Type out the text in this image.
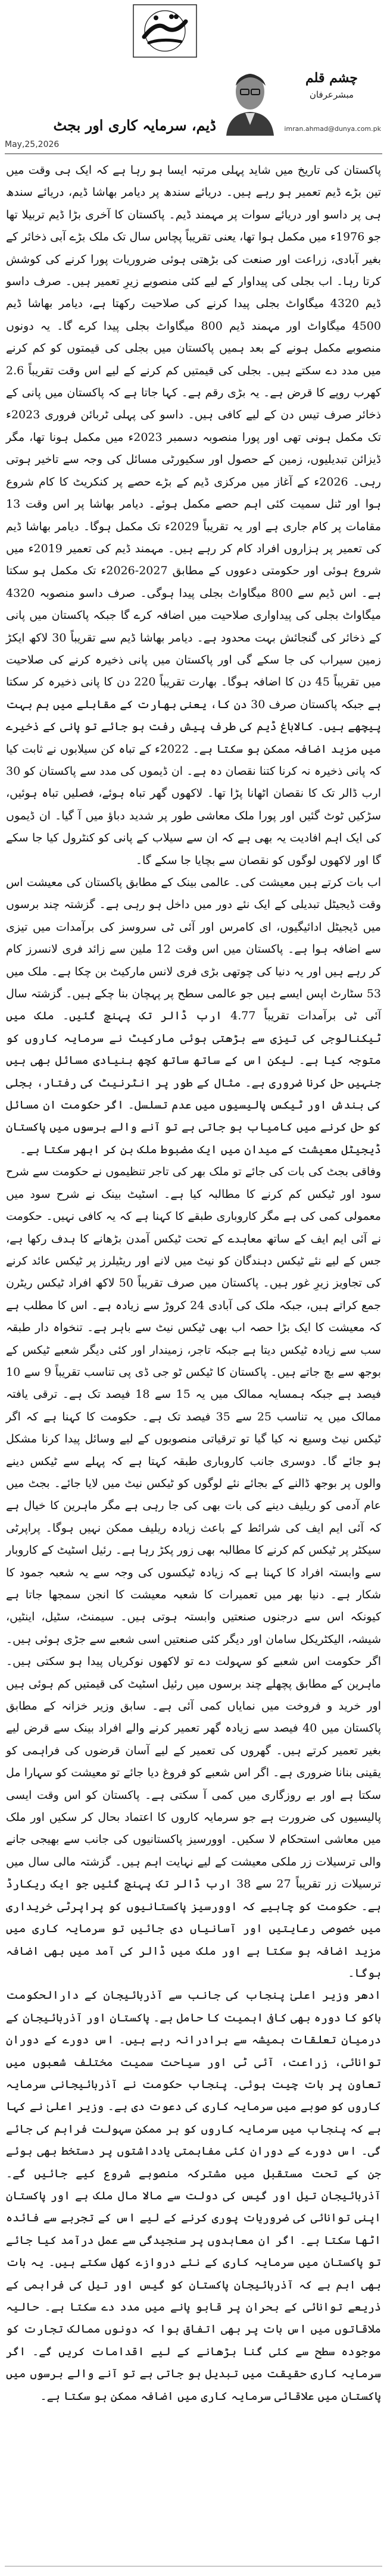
چشم قلم
مبشرعرفان
imran.ahmad@dunya.com.pk
ڈیم، سرمایہ کاری اور بجٹ
May,25,2026

پاکستان کی تاریخ میں شاید پہلی مرتبہ ایسا ہو رہا ہے کہ ایک ہی وقت میں تین بڑے ڈیم تعمیر ہو رہے ہیں۔ دریائے سندھ پر دیامر بھاشا ڈیم، دریائے سندھ ہی پر داسو اور دریائے سوات پر مہمند ڈیم۔ پاکستان کا آخری بڑا ڈیم تربیلا تھا جو 1976ء میں مکمل ہوا تھا، یعنی تقریباً پچاس سال تک ملک بڑے آبی ذخائر کے بغیر آبادی، زراعت اور صنعت کی بڑھتی ہوئی ضروریات پورا کرنے کی کوشش کرتا رہا۔ اب بجلی کی پیداوار کے لیے کئی منصوبے زیرِ تعمیر ہیں۔ صرف داسو ڈیم 4320 میگاواٹ بجلی پیدا کرنے کی صلاحیت رکھتا ہے، دیامر بھاشا ڈیم 4500 میگاواٹ اور مہمند ڈیم 800 میگاواٹ بجلی پیدا کرے گا۔ یہ دونوں منصوبے مکمل ہونے کے بعد ہمیں پاکستان میں بجلی کی قیمتوں کو کم کرنے میں مدد دے سکتے ہیں۔ بجلی کی قیمتیں کم کرنے کے لیے اس وقت تقریباً 2.6 کھرب روپے کا قرض ہے۔ یہ بڑی رقم ہے۔ کہا جاتا ہے کہ پاکستان میں پانی کے ذخائر صرف تیس دن کے لیے کافی ہیں۔ داسو کی پہلی ٹربائن فروری 2023ء تک مکمل ہونی تھی اور پورا منصوبہ دسمبر 2023ء میں مکمل ہونا تھا، مگر ڈیزائن تبدیلیوں، زمین کے حصول اور سکیورٹی مسائل کی وجہ سے تاخیر ہوتی رہی۔ 2026ء کے آغاز میں مرکزی ڈیم کے بڑے حصے پر کنکریٹ کا کام شروع ہوا اور ٹنل سمیت کئی اہم حصے مکمل ہوئے۔ دیامر بھاشا پر اس وقت 13 مقامات پر کام جاری ہے اور یہ تقریباً 2029ء تک مکمل ہوگا۔ دیامر بھاشا ڈیم کی تعمیر پر ہزاروں افراد کام کر رہے ہیں۔ مہمند ڈیم کی تعمیر 2019ء میں شروع ہوئی اور حکومتی دعووں کے مطابق 2027-2026ء تک مکمل ہو سکتا ہے۔ اس ڈیم سے 800 میگاواٹ بجلی پیدا ہوگی۔ صرف داسو منصوبہ 4320 میگاواٹ بجلی کی پیداواری صلاحیت میں اضافہ کرے گا جبکہ پاکستان میں پانی کے ذخائر کی گنجائش بہت محدود ہے۔ دیامر بھاشا ڈیم سے تقریباً 30 لاکھ ایکڑ زمین سیراب کی جا سکے گی اور پاکستان میں پانی ذخیرہ کرنے کی صلاحیت میں تقریباً 45 دن کا اضافہ ہوگا۔ بھارت تقریباً 220 دن کا پانی ذخیرہ کر سکتا ہے جبکہ پاکستان صرف 30 دن کا، یعنی بھارت کے مقابلے میں ہم بہت پیچھے ہیں۔ کالاباغ ڈیم کی طرف پیش رفت ہو جائے تو پانی کے ذخیرے میں مزید اضافہ ممکن ہو سکتا ہے۔ 2022ء کے تباہ کن سیلابوں نے ثابت کیا کہ پانی ذخیرہ نہ کرنا کتنا نقصان دہ ہے۔ ان ڈیموں کی مدد سے پاکستان کو 30 ارب ڈالر تک کا نقصان اٹھانا پڑا تھا۔ لاکھوں گھر تباہ ہوئے، فصلیں تباہ ہوئیں، سڑکیں ٹوٹ گئیں اور پورا ملک معاشی طور پر شدید دباؤ میں آ گیا۔ ان ڈیموں کی ایک اہم افادیت یہ بھی ہے کہ ان سے سیلاب کے پانی کو کنٹرول کیا جا سکے گا اور لاکھوں لوگوں کو نقصان سے بچایا جا سکے گا۔

اب بات کرتے ہیں معیشت کی۔ عالمی بینک کے مطابق پاکستان کی معیشت اس وقت ڈیجیٹل تبدیلی کے ایک نئے دور میں داخل ہو رہی ہے۔ گزشتہ چند برسوں میں ڈیجیٹل ادائیگیوں، ای کامرس اور آئی ٹی سروسز کی برآمدات میں تیزی سے اضافہ ہوا ہے۔ پاکستان میں اس وقت 12 ملین سے زائد فری لانسرز کام کر رہے ہیں اور یہ دنیا کی چوتھی بڑی فری لانس مارکیٹ بن چکا ہے۔ ملک میں 53 سٹارٹ اپس ایسے ہیں جو عالمی سطح پر پہچان بنا چکے ہیں۔ گزشتہ سال آئی ٹی برآمدات تقریباً 4.77 ارب ڈالر تک پہنچ گئیں۔ ملک میں ٹیکنالوجی کی تیزی سے بڑھتی ہوئی مارکیٹ نے سرمایہ کاروں کو متوجہ کیا ہے۔ لیکن اس کے ساتھ ساتھ کچھ بنیادی مسائل بھی ہیں جنہیں حل کرنا ضروری ہے۔ مثال کے طور پر انٹرنیٹ کی رفتار، بجلی کی بندش اور ٹیکس پالیسیوں میں عدم تسلسل۔ اگر حکومت ان مسائل کو حل کرنے میں کامیاب ہو جاتی ہے تو آنے والے برسوں میں پاکستان ڈیجیٹل معیشت کے میدان میں ایک مضبوط ملک بن کر ابھر سکتا ہے۔

وفاقی بجٹ کی بات کی جائے تو ملک بھر کی تاجر تنظیموں نے حکومت سے شرح سود اور ٹیکس کم کرنے کا مطالبہ کیا ہے۔ اسٹیٹ بینک نے شرح سود میں معمولی کمی کی ہے مگر کاروباری طبقے کا کہنا ہے کہ یہ کافی نہیں۔ حکومت نے آئی ایم ایف کے ساتھ معاہدے کے تحت ٹیکس آمدن بڑھانے کا ہدف رکھا ہے، جس کے لیے نئے ٹیکس دہندگان کو نیٹ میں لانے اور ریٹیلرز پر ٹیکس عائد کرنے کی تجاویز زیرِ غور ہیں۔ پاکستان میں صرف تقریباً 50 لاکھ افراد ٹیکس ریٹرن جمع کراتے ہیں، جبکہ ملک کی آبادی 24 کروڑ سے زیادہ ہے۔ اس کا مطلب ہے کہ معیشت کا ایک بڑا حصہ اب بھی ٹیکس نیٹ سے باہر ہے۔ تنخواہ دار طبقہ سب سے زیادہ ٹیکس دیتا ہے جبکہ تاجر، زمیندار اور کئی دیگر شعبے ٹیکس کے بوجھ سے بچ جاتے ہیں۔ پاکستان کا ٹیکس ٹو جی ڈی پی تناسب تقریباً 9 سے 10 فیصد ہے جبکہ ہمسایہ ممالک میں یہ 15 سے 18 فیصد تک ہے۔ ترقی یافتہ ممالک میں یہ تناسب 25 سے 35 فیصد تک ہے۔ حکومت کا کہنا ہے کہ اگر ٹیکس نیٹ وسیع نہ کیا گیا تو ترقیاتی منصوبوں کے لیے وسائل پیدا کرنا مشکل ہو جائے گا۔ دوسری جانب کاروباری طبقہ کہتا ہے کہ پہلے سے ٹیکس دینے والوں پر بوجھ ڈالنے کے بجائے نئے لوگوں کو ٹیکس نیٹ میں لایا جائے۔ بجٹ میں عام آدمی کو ریلیف دینے کی بات بھی کی جا رہی ہے مگر ماہرین کا خیال ہے کہ آئی ایم ایف کی شرائط کے باعث زیادہ ریلیف ممکن نہیں ہوگا۔ پراپرٹی سیکٹر پر ٹیکس کم کرنے کا مطالبہ بھی زور پکڑ رہا ہے۔ رئیل اسٹیٹ کے کاروبار سے وابستہ افراد کا کہنا ہے کہ زیادہ ٹیکسوں کی وجہ سے یہ شعبہ جمود کا شکار ہے۔ دنیا بھر میں تعمیرات کا شعبہ معیشت کا انجن سمجھا جاتا ہے کیونکہ اس سے درجنوں صنعتیں وابستہ ہوتی ہیں۔ سیمنٹ، سٹیل، اینٹیں، شیشہ، الیکٹریکل سامان اور دیگر کئی صنعتیں اسی شعبے سے جڑی ہوئی ہیں۔ اگر حکومت اس شعبے کو سہولت دے تو لاکھوں نوکریاں پیدا ہو سکتی ہیں۔ ماہرین کے مطابق پچھلے چند برسوں میں رئیل اسٹیٹ کی قیمتیں کم ہوئی ہیں اور خرید و فروخت میں نمایاں کمی آئی ہے۔ سابق وزیر خزانہ کے مطابق پاکستان میں 40 فیصد سے زیادہ گھر تعمیر کرنے والے افراد بینک سے قرض لیے بغیر تعمیر کرتے ہیں۔ گھروں کی تعمیر کے لیے آسان قرضوں کی فراہمی کو یقینی بنانا ضروری ہے۔ اگر اس شعبے کو فروغ دیا جائے تو معیشت کو سہارا مل سکتا ہے اور بے روزگاری میں کمی آ سکتی ہے۔ پاکستان کو اس وقت ایسی پالیسیوں کی ضرورت ہے جو سرمایہ کاروں کا اعتماد بحال کر سکیں اور ملک میں معاشی استحکام لا سکیں۔ اوورسیز پاکستانیوں کی جانب سے بھیجی جانے والی ترسیلات زر ملکی معیشت کے لیے نہایت اہم ہیں۔ گزشتہ مالی سال میں ترسیلات زر تقریباً 27 سے 38 ارب ڈالر تک پہنچ گئیں جو ایک ریکارڈ ہے۔ حکومت کو چاہیے کہ اوورسیز پاکستانیوں کو پراپرٹی خریداری میں خصوصی رعایتیں اور آسانیاں دی جائیں تو سرمایہ کاری میں مزید اضافہ ہو سکتا ہے اور ملک میں ڈالر کی آمد میں بھی اضافہ ہوگا۔

ادھر وزیر اعلیٰ پنجاب کی جانب سے آذربائیجان کے دارالحکومت باکو کا دورہ بھی کافی اہمیت کا حامل ہے۔ پاکستان اور آذربائیجان کے درمیان تعلقات ہمیشہ سے برادرانہ رہے ہیں۔ اس دورے کے دوران توانائی، زراعت، آئی ٹی اور سیاحت سمیت مختلف شعبوں میں تعاون پر بات چیت ہوئی۔ پنجاب حکومت نے آذربائیجانی سرمایہ کاروں کو صوبے میں سرمایہ کاری کی دعوت دی ہے۔ وزیر اعلیٰ نے کہا ہے کہ پنجاب میں سرمایہ کاروں کو ہر ممکن سہولت فراہم کی جائے گی۔ اس دورے کے دوران کئی مفاہمتی یادداشتوں پر دستخط بھی ہوئے جن کے تحت مستقبل میں مشترکہ منصوبے شروع کیے جائیں گے۔ آذربائیجان تیل اور گیس کی دولت سے مالا مال ملک ہے اور پاکستان اپنی توانائی کی ضروریات پوری کرنے کے لیے اس کے تجربے سے فائدہ اٹھا سکتا ہے۔ اگر ان معاہدوں پر سنجیدگی سے عمل درآمد کیا جائے تو پاکستان میں سرمایہ کاری کے نئے دروازے کھل سکتے ہیں۔ یہ بات بھی اہم ہے کہ آذربائیجان پاکستان کو گیس اور تیل کی فراہمی کے ذریعے توانائی کے بحران پر قابو پانے میں مدد دے سکتا ہے۔ حالیہ ملاقاتوں میں اس بات پر بھی اتفاق ہوا کہ دونوں ممالک تجارت کو موجودہ سطح سے کئی گنا بڑھانے کے لیے اقدامات کریں گے۔ اگر سرمایہ کاری حقیقت میں تبدیل ہو جاتی ہے تو آنے والے برسوں میں پاکستان میں علاقائی سرمایہ کاری میں اضافہ ممکن ہو سکتا ہے۔
